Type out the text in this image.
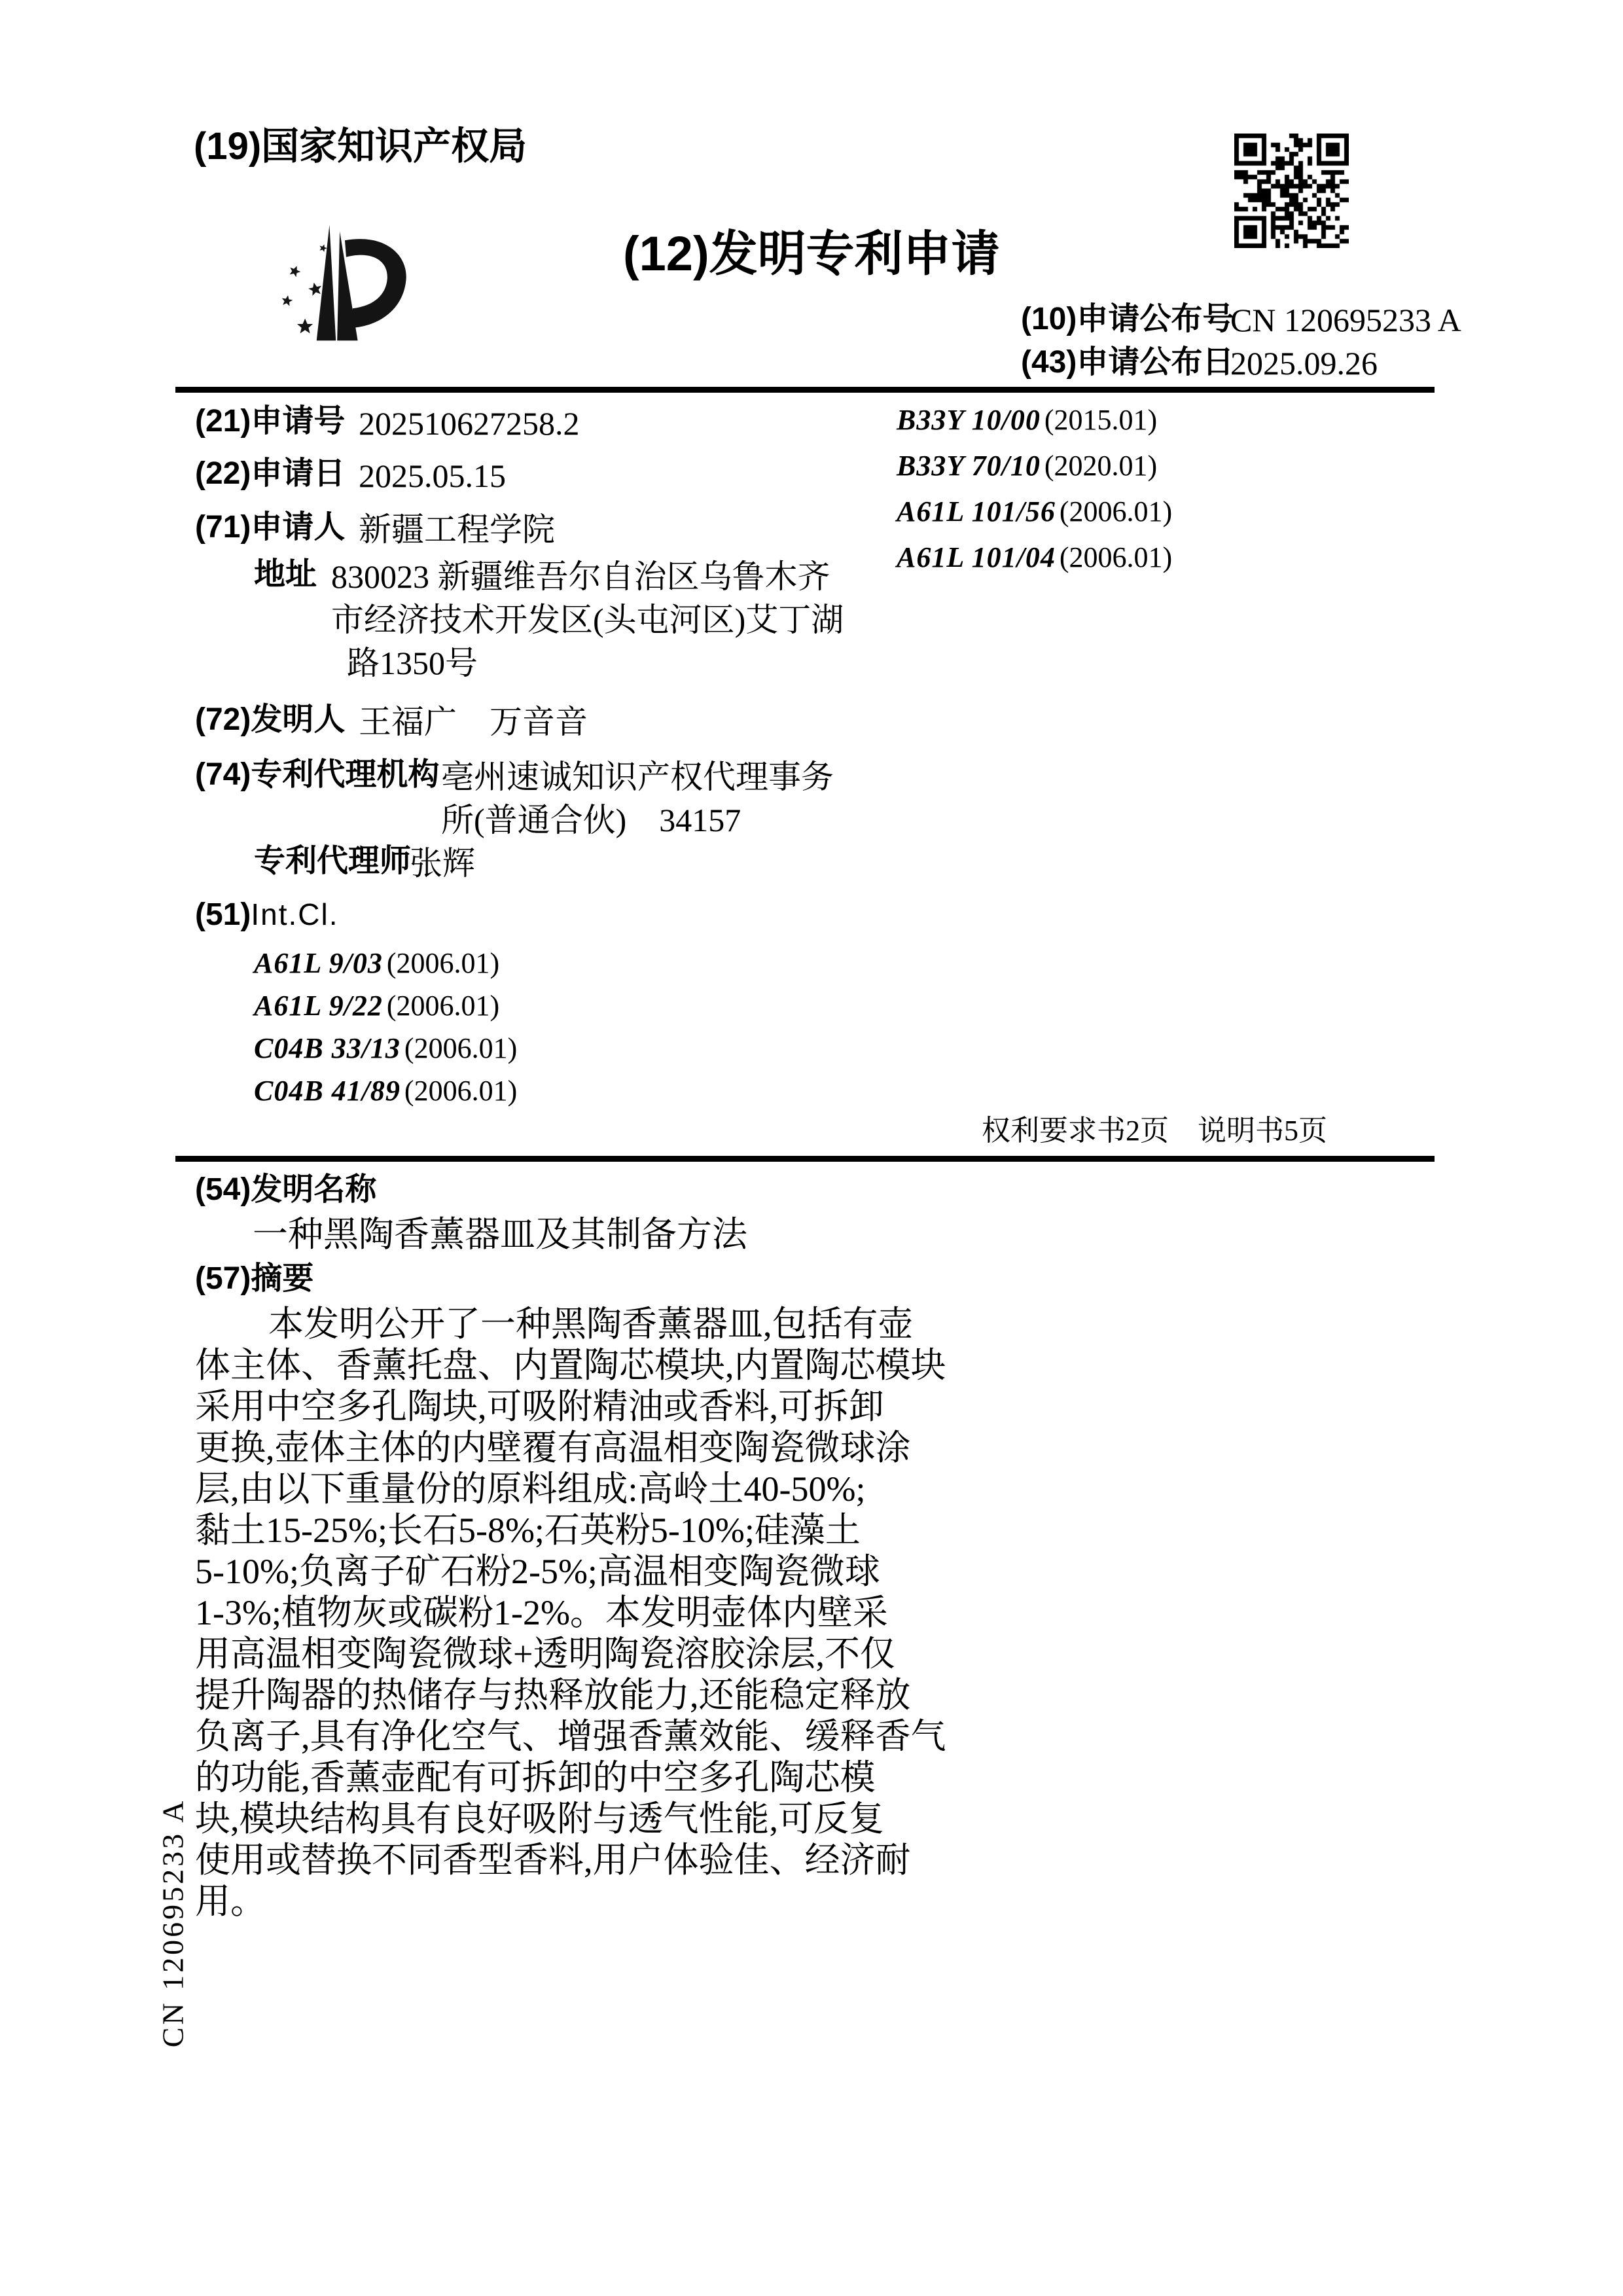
(19)国家知识产权局
(12)发明专利申请
(10)申请公布号
CN 120695233 A
(43)申请公布日
2025.09.26
(21)申请号 202510627258.2
(22)申请日 2025.05.15
(71)申请人 新疆工程学院
地址 830023 新疆维吾尔自治区乌鲁木齐
市经济技术开发区(头屯河区)艾丁湖
路1350号
(72)发明人 王福广　万音音
(74)专利代理机构 亳州速诚知识产权代理事务
所(普通合伙)　34157
专利代理师
张辉
(51)Int.Cl.
A61L 9/03 (2006.01)
A61L 9/22 (2006.01)
C04B 33/13 (2006.01)
C04B 41/89 (2006.01)
B33Y 10/00 (2015.01)
B33Y 70/10 (2020.01)
A61L 101/56 (2006.01)
A61L 101/04 (2006.01)
权利要求书2页　说明书5页
(54)发明名称
一种黑陶香薰器皿及其制备方法
(57)摘要
本发明公开了一种黑陶香薰器皿,包括有壶
体主体、香薰托盘、内置陶芯模块,内置陶芯模块
采用中空多孔陶块,可吸附精油或香料,可拆卸
更换,壶体主体的内壁覆有高温相变陶瓷微球涂
层,由以下重量份的原料组成:高岭土40-50%;
黏土15-25%;长石5-8%;石英粉5-10%;硅藻土
5-10%;负离子矿石粉2-5%;高温相变陶瓷微球
1-3%;植物灰或碳粉1-2%。本发明壶体内壁采
用高温相变陶瓷微球+透明陶瓷溶胶涂层,不仅
提升陶器的热储存与热释放能力,还能稳定释放
负离子,具有净化空气、增强香薰效能、缓释香气
的功能,香薰壶配有可拆卸的中空多孔陶芯模
块,模块结构具有良好吸附与透气性能,可反复
使用或替换不同香型香料,用户体验佳、经济耐
用。
CN 120695233 A
